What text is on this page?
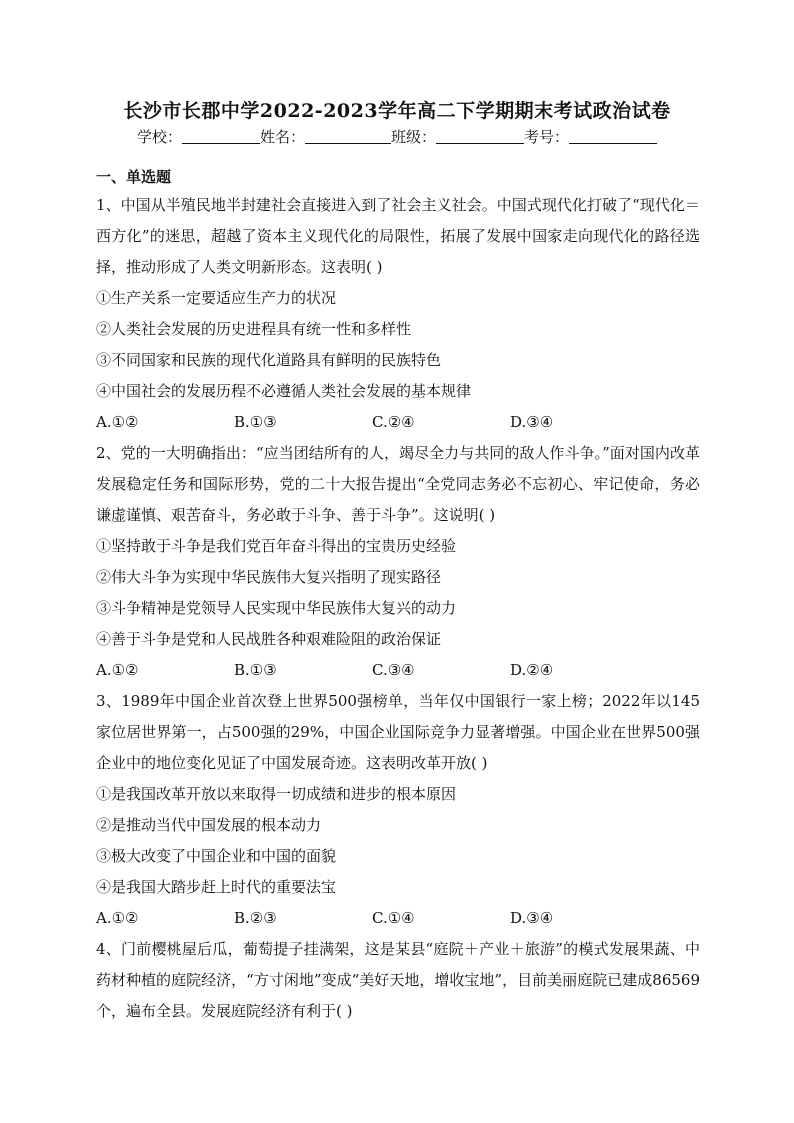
长沙市长郡中学2022-2023学年高二下学期期末考试政治试卷
学校：	姓名：	班级：	考号：
一、单选题
1、中国从半殖民地半封建社会直接进入到了社会主义社会。中国式现代化打破了“现代化＝西方化”的迷思，超越了资本主义现代化的局限性，拓展了发展中国家走向现代化的路径选择，推动形成了人类文明新形态。这表明( )
①生产关系一定要适应生产力的状况
②人类社会发展的历史进程具有统一性和多样性
③不同国家和民族的现代化道路具有鲜明的民族特色
④中国社会的发展历程不必遵循人类社会发展的基本规律
A.①②	B.①③	C.②④	D.③④
2、党的一大明确指出：“应当团结所有的人，竭尽全力与共同的敌人作斗争。”面对国内改革发展稳定任务和国际形势，党的二十大报告提出“全党同志务必不忘初心、牢记使命，务必谦虚谨慎、艰苦奋斗，务必敢于斗争、善于斗争”。这说明( )
①坚持敢于斗争是我们党百年奋斗得出的宝贵历史经验
②伟大斗争为实现中华民族伟大复兴指明了现实路径
③斗争精神是党领导人民实现中华民族伟大复兴的动力
④善于斗争是党和人民战胜各种艰难险阻的政治保证
A.①②	B.①③	C.③④	D.②④
3、1989年中国企业首次登上世界500强榜单，当年仅中国银行一家上榜；2022年以145家位居世界第一，占500强的29%，中国企业国际竞争力显著增强。中国企业在世界500强企业中的地位变化见证了中国发展奇迹。这表明改革开放( )
①是我国改革开放以来取得一切成绩和进步的根本原因
②是推动当代中国发展的根本动力
③极大改变了中国企业和中国的面貌
④是我国大踏步赶上时代的重要法宝
A.①②	B.②③	C.①④	D.③④
4、门前樱桃屋后瓜，葡萄提子挂满架，这是某县“庭院＋产业＋旅游”的模式发展果蔬、中药材种植的庭院经济，“方寸闲地”变成“美好天地，增收宝地”，目前美丽庭院已建成86569个，遍布全县。发展庭院经济有利于( )
